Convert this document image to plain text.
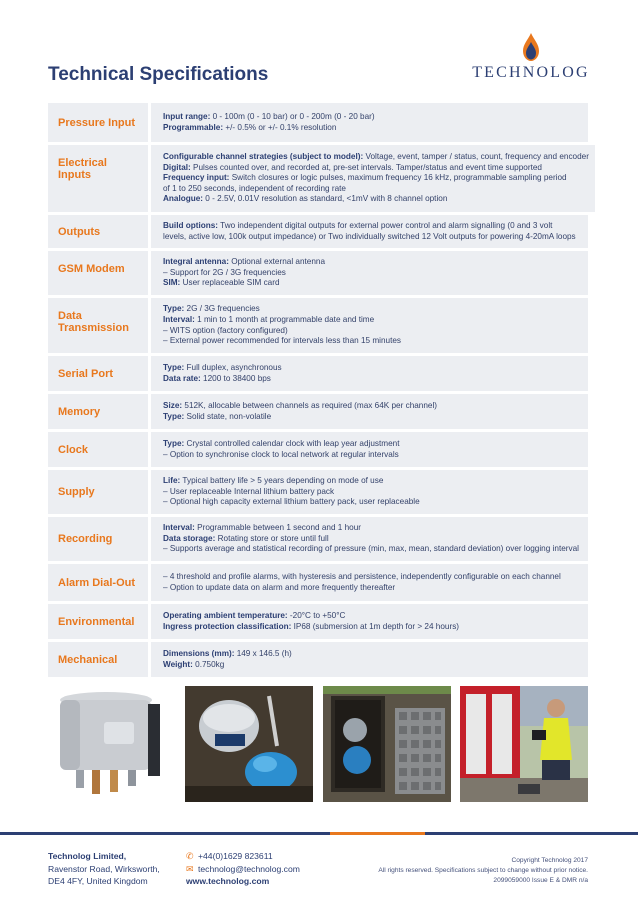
Technical Specifications	TECHNOLOG
Pressure Input
Input range: 0 - 100m (0 - 10 bar) or 0 - 200m (0 - 20 bar)
Programmable: +/- 0.5% or +/- 0.1% resolution
Electrical Inputs
Configurable channel strategies (subject to model): Voltage, event, tamper / status, count, frequency and encoder
Digital: Pulses counted over, and recorded at, pre-set intervals. Tamper/status and event time supported
Frequency input: Switch closures or logic pulses, maximum frequency 16 kHz, programmable sampling period
of 1 to 250 seconds, independent of recording rate
Analogue: 0 - 2.5V, 0.01V resolution as standard, <1mV with 8 channel option
Outputs
Build options: Two independent digital outputs for external power control and alarm signalling (0 and 3 volt
levels, active low, 100k output impedance) or Two individually switched 12 Volt outputs for powering 4-20mA loops
GSM Modem
Integral antenna: Optional external antenna
– Support for 2G / 3G frequencies
SIM: User replaceable SIM card
Data Transmission
Type: 2G / 3G frequencies
Interval: 1 min to 1 month at programmable date and time
– WITS option (factory configured)
– External power recommended for intervals less than 15 minutes
Serial Port
Type: Full duplex, asynchronous
Data rate: 1200 to 38400 bps
Memory
Size: 512K, allocable between channels as required (max 64K per channel)
Type: Solid state, non-volatile
Clock
Type: Crystal controlled calendar clock with leap year adjustment
– Option to synchronise clock to local network at regular intervals
Supply
Life: Typical battery life > 5 years depending on mode of use
– User replaceable Internal lithium battery pack
– Optional high capacity external lithium battery pack, user replaceable
Recording
Interval: Programmable between 1 second and 1 hour
Data storage: Rotating store or store until full
– Supports average and statistical recording of pressure (min, max, mean, standard deviation) over logging interval
Alarm Dial-Out
– 4 threshold and profile alarms, with hysteresis and persistence, independently configurable on each channel
– Option to update data on alarm and more frequently thereafter
Environmental
Operating ambient temperature: -20°C to +50°C
Ingress protection classification: IP68 (submersion at 1m depth for > 24 hours)
Mechanical
Dimensions (mm): 149 x 146.5 (h)
Weight: 0.750kg
Technolog Limited,
Ravenstor Road, Wirksworth,
DE4 4FY, United Kingdom
✆ +44(0)1629 823611
✉ technolog@technolog.com
www.technolog.com
Copyright Technolog 2017
All rights reserved. Specifications subject to change without prior notice.
2099059000 Issue E & DMR n/a
